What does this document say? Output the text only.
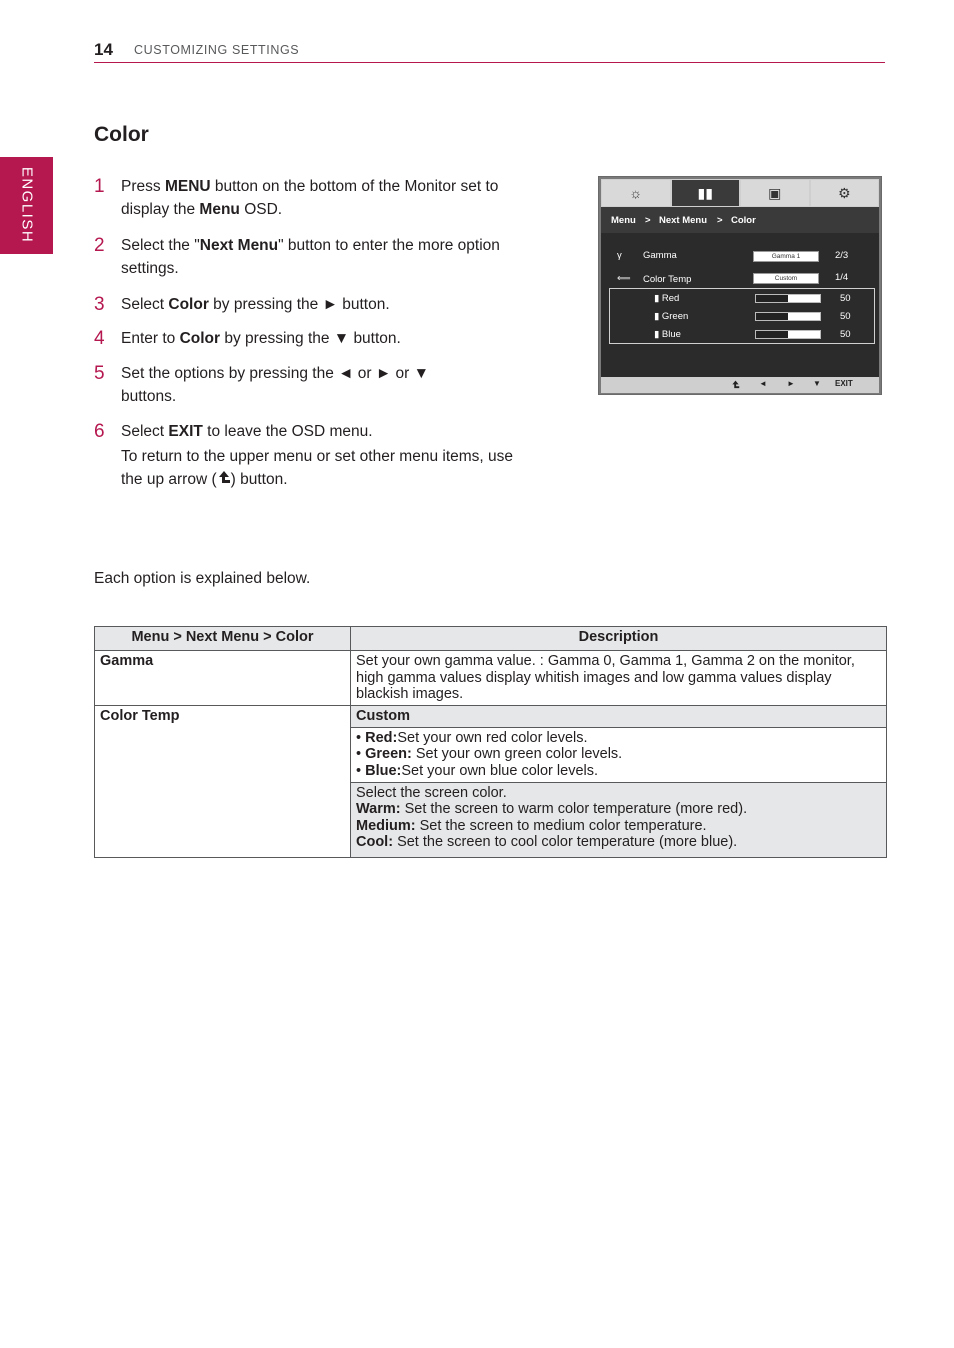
14 CUSTOMIZING SETTINGS
ENGLISH
Color
1 Press MENU button on the bottom of the Monitor set to display the Menu OSD.
2 Select the "Next Menu" button to enter the more option settings.
3 Select Color by pressing the ► button.
4 Enter to Color by pressing the ▼ button.
5 Set the options by pressing the ◄ or ► or ▼ buttons.
6 Select EXIT to leave the OSD menu.
To return to the upper menu or set other menu items, use the up arrow ( ) button.
☼	▮▮	▣	⚙
Menu > Next Menu > Color
γ Gamma	Gamma 1	2/3
⟸ Color Temp	Custom	1/4
▮ Red	50
▮ Green	50
▮ Blue	50
◄	► ▼ EXIT
Each option is explained below.
Menu > Next Menu > Color	Description
Gamma	Set your own gamma value. : Gamma 0, Gamma 1, Gamma 2 on the monitor, high gamma values display whitish images and low gamma values display blackish images.
Color Temp	Custom

	• Red:Set your own red color levels.
• Green: Set your own green color levels.
• Blue:Set your own blue color levels.

	Select the screen color.
Warm: Set the screen to warm color temperature (more red).
Medium: Set the screen to medium color temperature.
Cool: Set the screen to cool color temperature (more blue).
